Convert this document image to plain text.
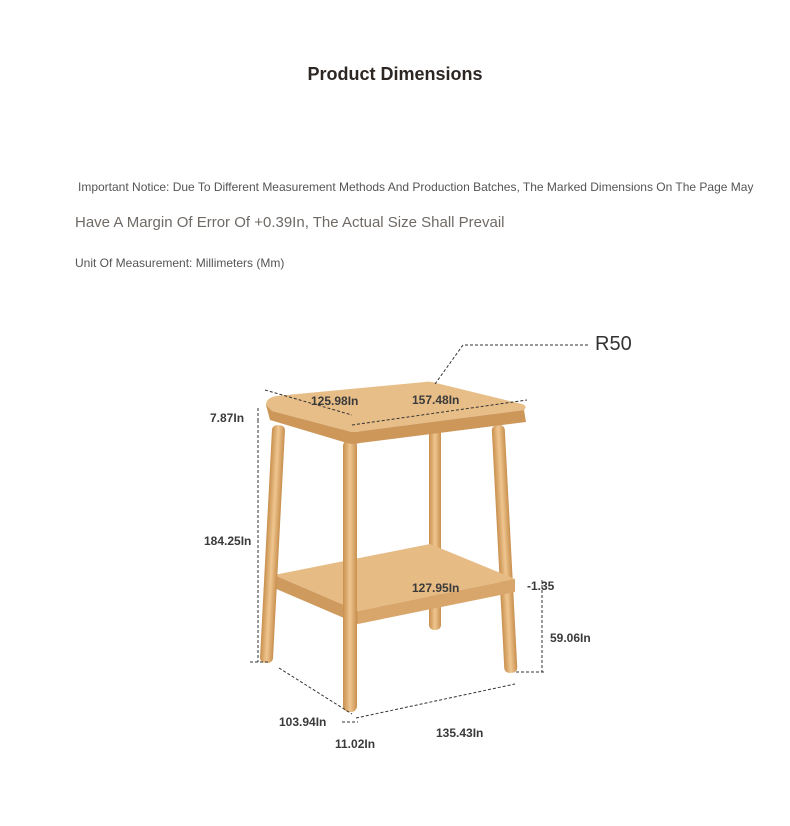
Product Dimensions
Important Notice: Due To Different Measurement Methods And Production Batches, The Marked Dimensions On The Page May
Have A Margin Of Error Of +0.39In, The Actual Size Shall Prevail
Unit Of Measurement: Millimeters (Mm)
R50
125.98In	157.48In
7.87In
184.25In
127.95In	-1.35
59.06In
103.94In
11.02In
135.43In
